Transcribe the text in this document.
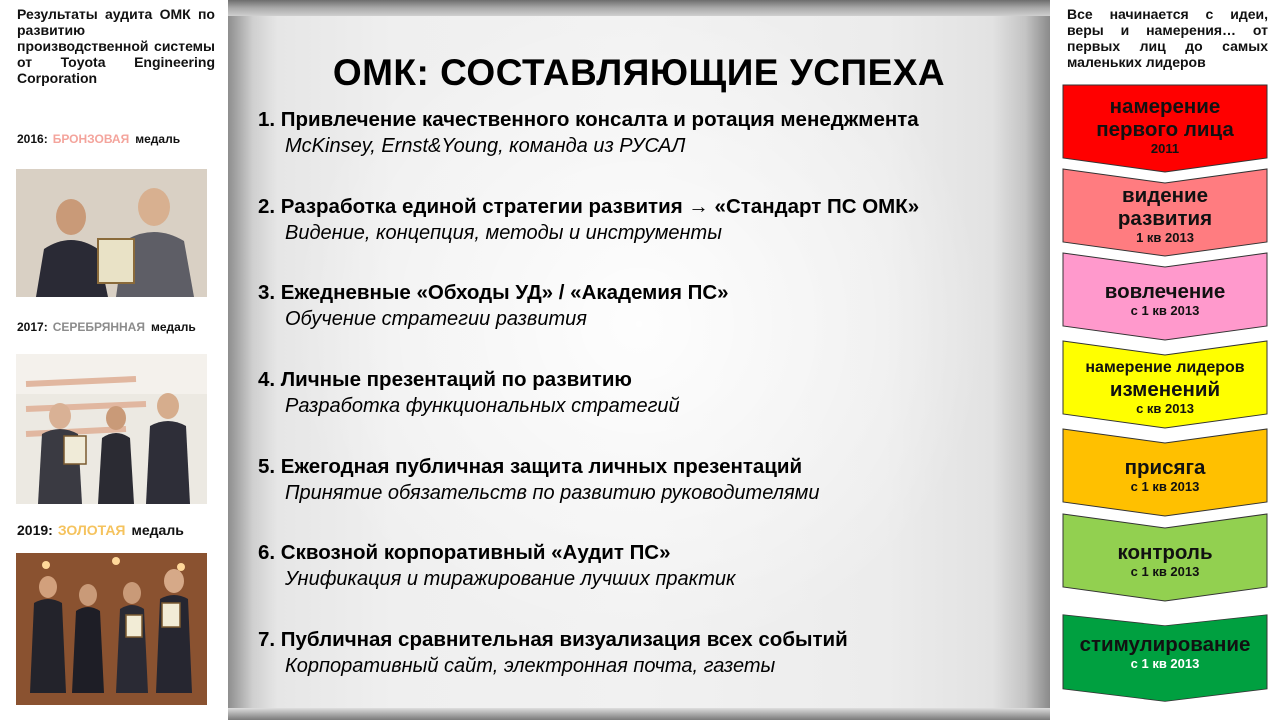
Результаты аудита ОМК по развитию производственной системы от Toyota Engineering Corporation
2016: БРОНЗОВАЯ медаль
2017: СЕРЕБРЯННАЯ медаль
2019: ЗОЛОТАЯ медаль
ОМК: СОСТАВЛЯЮЩИЕ УСПЕХА
1. Привлечение качественного консалта и ротация менеджмента
McKinsey, Ernst&Young, команда из РУСАЛ
2. Разработка единой стратегии развития → «Стандарт ПС ОМК»
Видение, концепция, методы и инструменты
3. Ежедневные «Обходы УД» / «Академия ПС»
Обучение стратегии развития
4. Личные презентаций по развитию
Разработка функциональных стратегий
5. Ежегодная публичная защита личных презентаций
Принятие обязательств по развитию руководителями
6. Сквозной корпоративный «Аудит ПС»
Унификация и тиражирование лучших практик
7. Публичная сравнительная визуализация всех событий
Корпоративный сайт, электронная почта, газеты
Все начинается с идеи, веры и намерения… от первых лиц до самых маленьких лидеров
намерение
первого лица
2011
видение
развития
1 кв 2013
вовлечение
с 1 кв 2013
намерение лидеров
изменений
с кв 2013
присяга
с 1 кв 2013
контроль
с 1 кв 2013
стимулирование
с 1 кв 2013
